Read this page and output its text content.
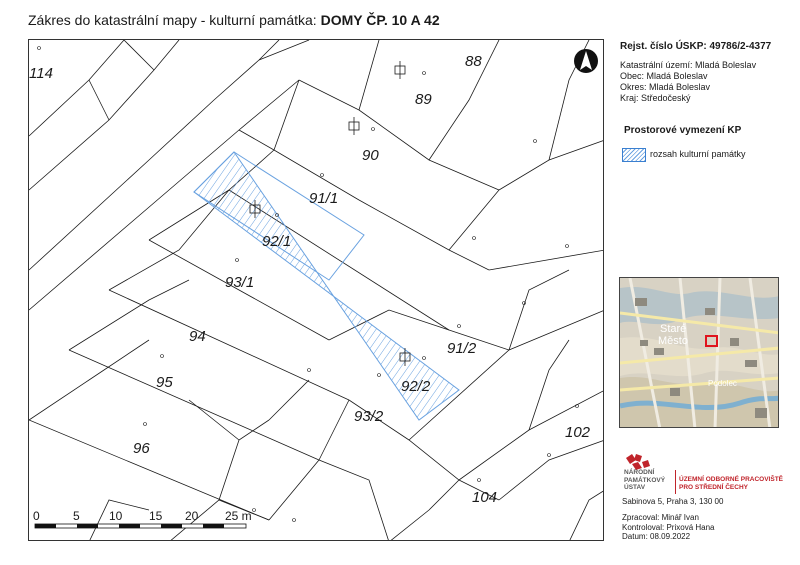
Zákres do katastrální mapy - kulturní památka: DOMY ČP. 10 A 42
114
88
89
90
91/1
92/1
93/1
94
95
96
91/2
92/2
93/2
102
104
0	5 10 15 20 25 m
Rejst. číslo ÚSKP: 49786/2-4377
Katastrální území: Mladá Boleslav
Obec: Mladá Boleslav
Okres: Mladá Boleslav
Kraj: Středočeský
Prostorové vymezení KP
rozsah kulturní památky
Staré
Město
Podolec
NÁRODNÍ
PAMÁTKOVÝ
ÚSTAV
ÚZEMNÍ ODBORNÉ PRACOVIŠTĚ
PRO STŘEDNÍ ČECHY
Sabinova 5, Praha 3, 130 00
Zpracoval: Minář Ivan
Kontroloval: Prixová Hana
Datum: 08.09.2022
